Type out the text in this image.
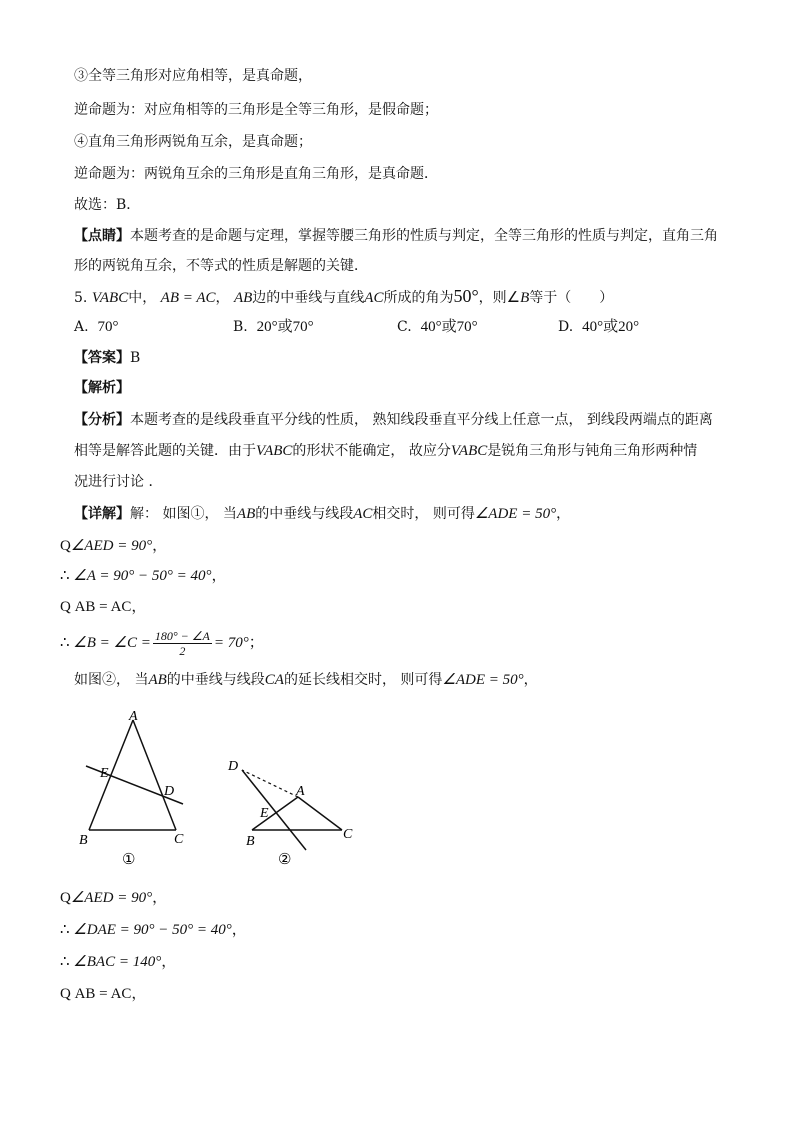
③全等三角形对应角相等，是真命题，
逆命题为：对应角相等的三角形是全等三角形，是假命题；
④直角三角形两锐角互余，是真命题；
逆命题为：两锐角互余的三角形是直角三角形，是真命题．
故选：B．
【点睛】本题考查的是命题与定理，掌握等腰三角形的性质与判定，全等三角形的性质与判定，直角三角
形的两锐角互余，不等式的性质是解题的关键．
5. VABC中， AB = AC， AB边的中垂线与直线AC所成的角为50°，则∠B等于（　　）
A. 70°	B. 20°或70°	C. 40°或70°	D. 40°或20°
【答案】B
【解析】
【分析】本题考查的是线段垂直平分线的性质， 熟知线段垂直平分线上任意一点， 到线段两端点的距离
相等是解答此题的关键．由于VABC的形状不能确定， 故应分VABC是锐角三角形与钝角三角形两种情
况进行讨论 ．
【详解】解： 如图①， 当AB的中垂线与线段AC相交时， 则可得∠ADE = 50°，
Q∠AED = 90°，
∴ ∠A = 90° − 50° = 40°，
Q AB = AC，
∴ ∠B = ∠C = $\frac{180^\circ - \angle A}{2} = 70^\circ$；
如图②， 当AB的中垂线与线段CA的延长线相交时， 则可得∠ADE = 50°，
A
E
D
B	C
①
D
A
E
B	C
②
Q∠AED = 90°，
∴ ∠DAE = 90° − 50° = 40°，
∴ ∠BAC = 140°，
Q AB = AC，
